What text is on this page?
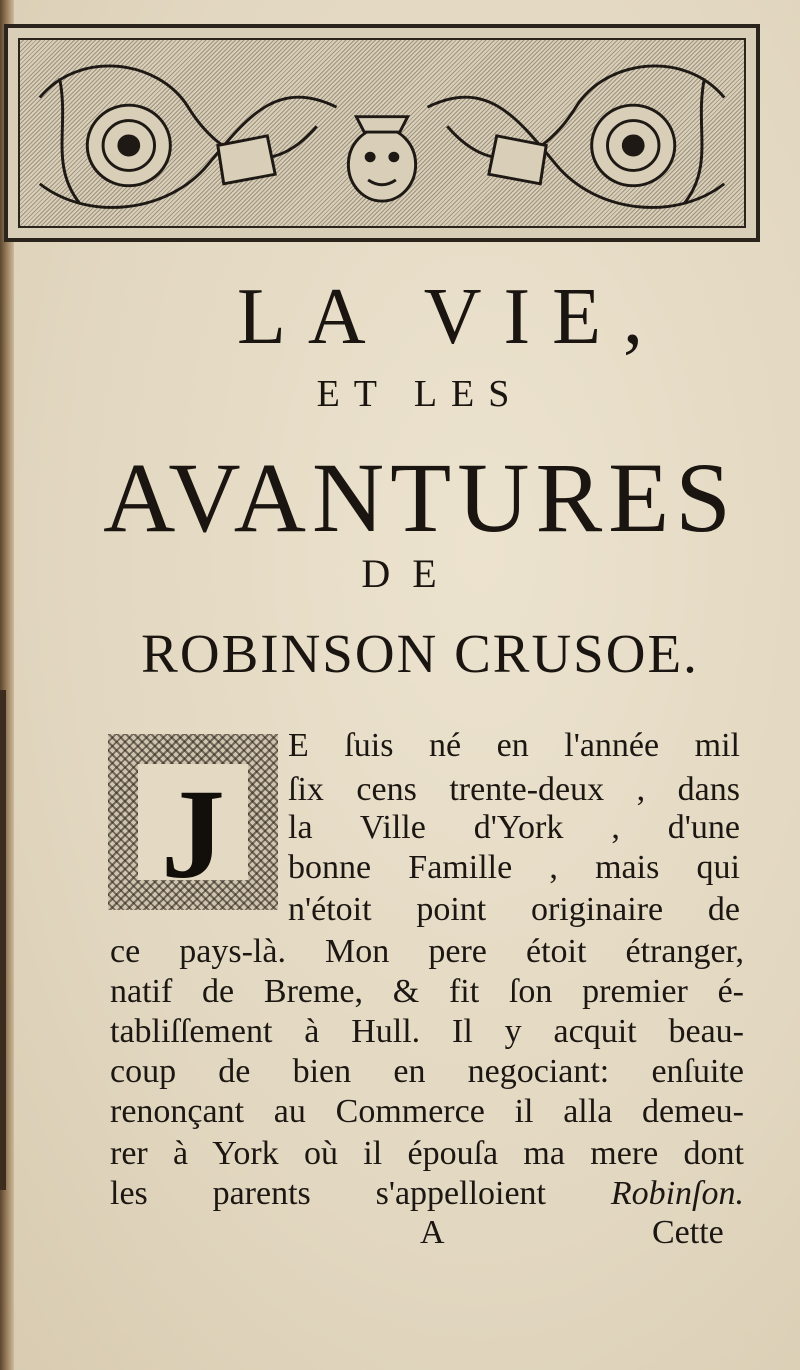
LA VIE,
ET LES
AVANTURES
DE
ROBINSON CRUSOE.
J
E ſuis né en l'année mil
ſix cens trente-deux , dans
la Ville d'York , d'une
bonne Famille , mais qui
n'étoit point originaire de
ce pays-là. Mon pere étoit étranger,
natif de Breme, & fit ſon premier é-
tabliſſement à Hull. Il y acquit beau-
coup de bien en negociant: enſuite
renonçant au Commerce il alla demeu-
rer à York où il épouſa ma mere dont
les parents s'appelloient Robinſon.
A	Cette
